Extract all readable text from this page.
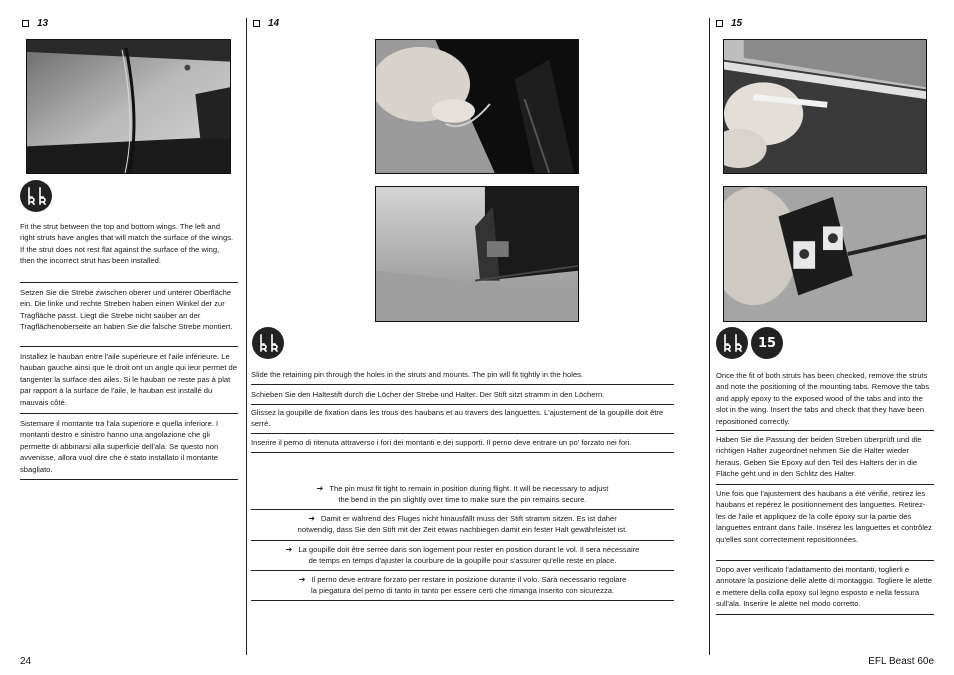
13
Fit the strut between the top and bottom wings. The left and right struts have angles that will match the surface of the wings. If the strut does not rest flat against the surface of the wing, then the incorrect strut has been installed.
Setzen Sie die Strebe zwischen oberer und unterer Oberfläche ein. Die linke und rechte Streben haben einen Winkel der zur Tragfläche passt. Liegt die Strebe nicht sauber an der Tragflächenoberseite an haben Sie die falsche Strebe montiert.
Installez le hauban entre l'aile supérieure et l'aile inférieure. Le hauban gauche ainsi que le droit ont un angle qui leur permet de tangenter la surface des ailes. Si le hauban ne reste pas à plat par rapport à la surface de l'aile, le hauban est installé du mauvais côté.
Sistemare il montante tra l'ala superiore e quella inferiore. I montanti destro e sinistro hanno una angolazione che gli permette di abbinarsi alla superficie dell'ala. Se questo non avvenisse, allora vuol dire che è stato installato il montante sbagliato.
14
Slide the retaining pin through the holes in the struts and mounts. The pin will fit tightly in the holes.
Schieben Sie den Haltestift durch die Löcher der Strebe und Halter. Der Stift sitzt stramm in den Löchern.
Glissez la goupille de fixation dans les trous des haubans et au travers des languettes. L'ajustement de la goupille doit être serré.
Inserire il perno di ritenuta attraverso i fori dei montanti e dei supporti. Il perno deve entrare un po' forzato nei fori.
➔ The pin must fit tight to remain in position during flight. It will be necessary to adjust
the bend in the pin slightly over time to make sure the pin remains secure.
➔ Damit er während des Fluges nicht hinausfällt muss der Stift stramm sitzen. Es ist daher
notwendig, dass Sie den Stift mit der Zeit etwas nachbiegen damit ein fester Halt gewährleistet ist.
➔ La goupille doit être serrée dans son logement pour rester en position durant le vol. Il sera nécessaire
de temps en temps d'ajuster la courbure de la goupille pour s'assurer qu'elle reste en place.
➔ Il perno deve entrare forzato per restare in posizione durante il volo. Sarà necessario regolare
la piegatura del perno di tanto in tanto per essere certi che rimanga inserito con sicurezza.
15
15
Once the fit of both struts has been checked, remove the struts and note the positioning of the mounting tabs. Remove the tabs and apply epoxy to the exposed wood of the tabs and into the slot in the wing. Insert the tabs and check that they have been repositioned correctly.
Haben Sie die Passung der beiden Streben überprüft und die richtigen Halter zugeordnet nehmen Sie die Halter wieder heraus. Geben Sie Epoxy auf den Teil des Halters der in die Fläche geht und in den Schlitz des Halter.
Une fois que l'ajustement des haubans a été vérifié, retirez les haubans et repérez le positionnement des languettes. Retirez-les de l'aile et appliquez de la colle époxy sur la partie des languettes entrant dans l'aile. Insérez les languettes et contrôlez qu'elles sont correctement repositionnées.
Dopo aver verificato l'adattamento dei montanti, toglierli e annotare la posizione delle alette di montaggio. Togliere le alette e mettere della colla epoxy sul legno esposto e nella fessura sull'ala. Inserire le alette nel modo corretto.
24	EFL Beast 60e
